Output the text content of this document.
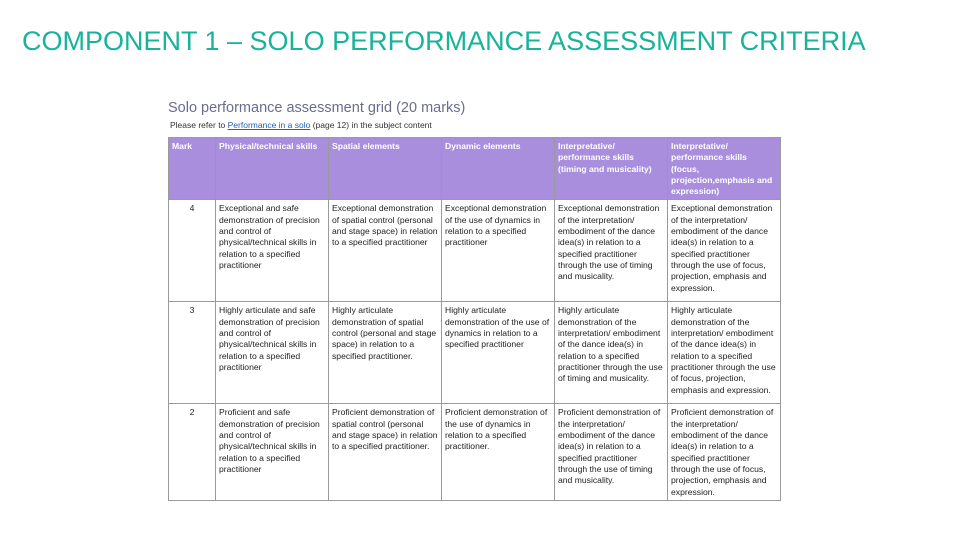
COMPONENT 1 – SOLO PERFORMANCE ASSESSMENT CRITERIA

Solo performance assessment grid (20 marks)

Please refer to Performance in a solo (page 12) in the subject content

Mark	Physical/technical skills	Spatial elements	Dynamic elements	Interpretative/ performance skills (timing and musicality)	Interpretative/ performance skills (focus, projection,emphasis and expression)
4	Exceptional and safe demonstration of precision and control of physical/technical skills in relation to a specified practitioner	Exceptional demonstration of spatial control (personal and stage space) in relation to a specified practitioner	Exceptional demonstration of the use of dynamics in relation to a specified practitioner	Exceptional demonstration of the interpretation/ embodiment of the dance idea(s) in relation to a specified practitioner through the use of timing and musicality.	Exceptional demonstration of the interpretation/ embodiment of the dance idea(s) in relation to a specified practitioner through the use of focus, projection, emphasis and expression.
3	Highly articulate and safe demonstration of precision and control of physical/technical skills in relation to a specified practitioner	Highly articulate demonstration of spatial control (personal and stage space) in relation to a specified practitioner.	Highly articulate demonstration of the use of dynamics in relation to a specified practitioner	Highly articulate demonstration of the interpretation/ embodiment of the dance idea(s) in relation to a specified practitioner through the use of timing and musicality.	Highly articulate demonstration of the interpretation/ embodiment of the dance idea(s) in relation to a specified practitioner through the use of focus, projection, emphasis and expression.
2	Proficient and safe demonstration of precision and control of physical/technical skills in relation to a specified practitioner	Proficient demonstration of spatial control (personal and stage space) in relation to a specified practitioner.	Proficient demonstration of the use of dynamics in relation to a specified practitioner.	Proficient demonstration of the interpretation/ embodiment of the dance idea(s) in relation to a specified practitioner through the use of timing and musicality.	Proficient demonstration of the interpretation/ embodiment of the dance idea(s) in relation to a specified practitioner through the use of focus, projection, emphasis and expression.
